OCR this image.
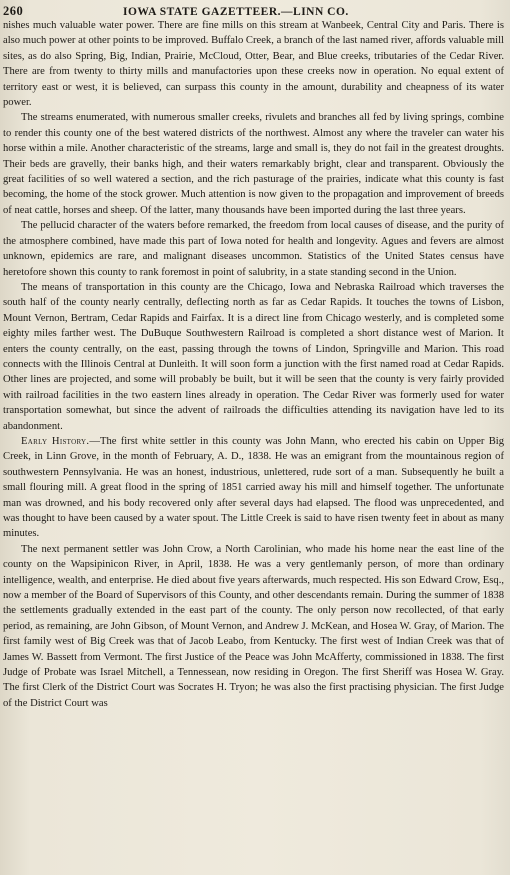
260	IOWA STATE GAZETTEER.—LINN CO.

nishes much valuable water power. There are fine mills on this stream at Wanbeek, Central City and Paris. There is also much power at other points to be improved. Buffalo Creek, a branch of the last named river, affords valuable mill sites, as do also Spring, Big, Indian, Prairie, McCloud, Otter, Bear, and Blue creeks, tributaries of the Cedar River. There are from twenty to thirty mills and manufactories upon these creeks now in operation. No equal extent of territory east or west, it is believed, can surpass this county in the amount, durability and cheapness of its water power.

The streams enumerated, with numerous smaller creeks, rivulets and branches all fed by living springs, combine to render this county one of the best watered districts of the northwest. Almost any where the traveler can water his horse within a mile. Another characteristic of the streams, large and small is, they do not fail in the greatest droughts. Their beds are gravelly, their banks high, and their waters remarkably bright, clear and transparent. Obviously the great facilities of so well watered a section, and the rich pasturage of the prairies, indicate what this county is fast becoming, the home of the stock grower. Much attention is now given to the propagation and improvement of breeds of neat cattle, horses and sheep. Of the latter, many thousands have been imported during the last three years.

The pellucid character of the waters before remarked, the freedom from local causes of disease, and the purity of the atmosphere combined, have made this part of Iowa noted for health and longevity. Agues and fevers are almost unknown, epidemics are rare, and malignant diseases uncommon. Statistics of the United States census have heretofore shown this county to rank foremost in point of salubrity, in a state standing second in the Union.

The means of transportation in this county are the Chicago, Iowa and Nebraska Railroad which traverses the south half of the county nearly centrally, deflecting north as far as Cedar Rapids. It touches the towns of Lisbon, Mount Vernon, Bertram, Cedar Rapids and Fairfax. It is a direct line from Chicago westerly, and is completed some eighty miles farther west. The DuBuque Southwestern Railroad is completed a short distance west of Marion. It enters the county centrally, on the east, passing through the towns of Lindon, Springville and Marion. This road connects with the Illinois Central at Dunleith. It will soon form a junction with the first named road at Cedar Rapids. Other lines are projected, and some will probably be built, but it will be seen that the county is very fairly provided with railroad facilities in the two eastern lines already in operation. The Cedar River was formerly used for water transportation somewhat, but since the advent of railroads the difficulties attending its navigation have led to its abandonment.

Early History.—The first white settler in this county was John Mann, who erected his cabin on Upper Big Creek, in Linn Grove, in the month of February, A. D., 1838. He was an emigrant from the mountainous region of southwestern Pennsylvania. He was an honest, industrious, unlettered, rude sort of a man. Subsequently he built a small flouring mill. A great flood in the spring of 1851 carried away his mill and himself together. The unfortunate man was drowned, and his body recovered only after several days had elapsed. The flood was unprecedented, and was thought to have been caused by a water spout. The Little Creek is said to have risen twenty feet in about as many minutes.

The next permanent settler was John Crow, a North Carolinian, who made his home near the east line of the county on the Wapsipinicon River, in April, 1838. He was a very gentlemanly person, of more than ordinary intelligence, wealth, and enterprise. He died about five years afterwards, much respected. His son Edward Crow, Esq., now a member of the Board of Supervisors of this County, and other descendants remain. During the summer of 1838 the settlements gradually extended in the east part of the county. The only person now recollected, of that early period, as remaining, are John Gibson, of Mount Vernon, and Andrew J. McKean, and Hosea W. Gray, of Marion. The first family west of Big Creek was that of Jacob Leabo, from Kentucky. The first west of Indian Creek was that of James W. Bassett from Vermont. The first Justice of the Peace was John McAfferty, commissioned in 1838. The first Judge of Probate was Israel Mitchell, a Tennessean, now residing in Oregon. The first Sheriff was Hosea W. Gray. The first Clerk of the District Court was Socrates H. Tryon; he was also the first practising physician. The first Judge of the District Court was
